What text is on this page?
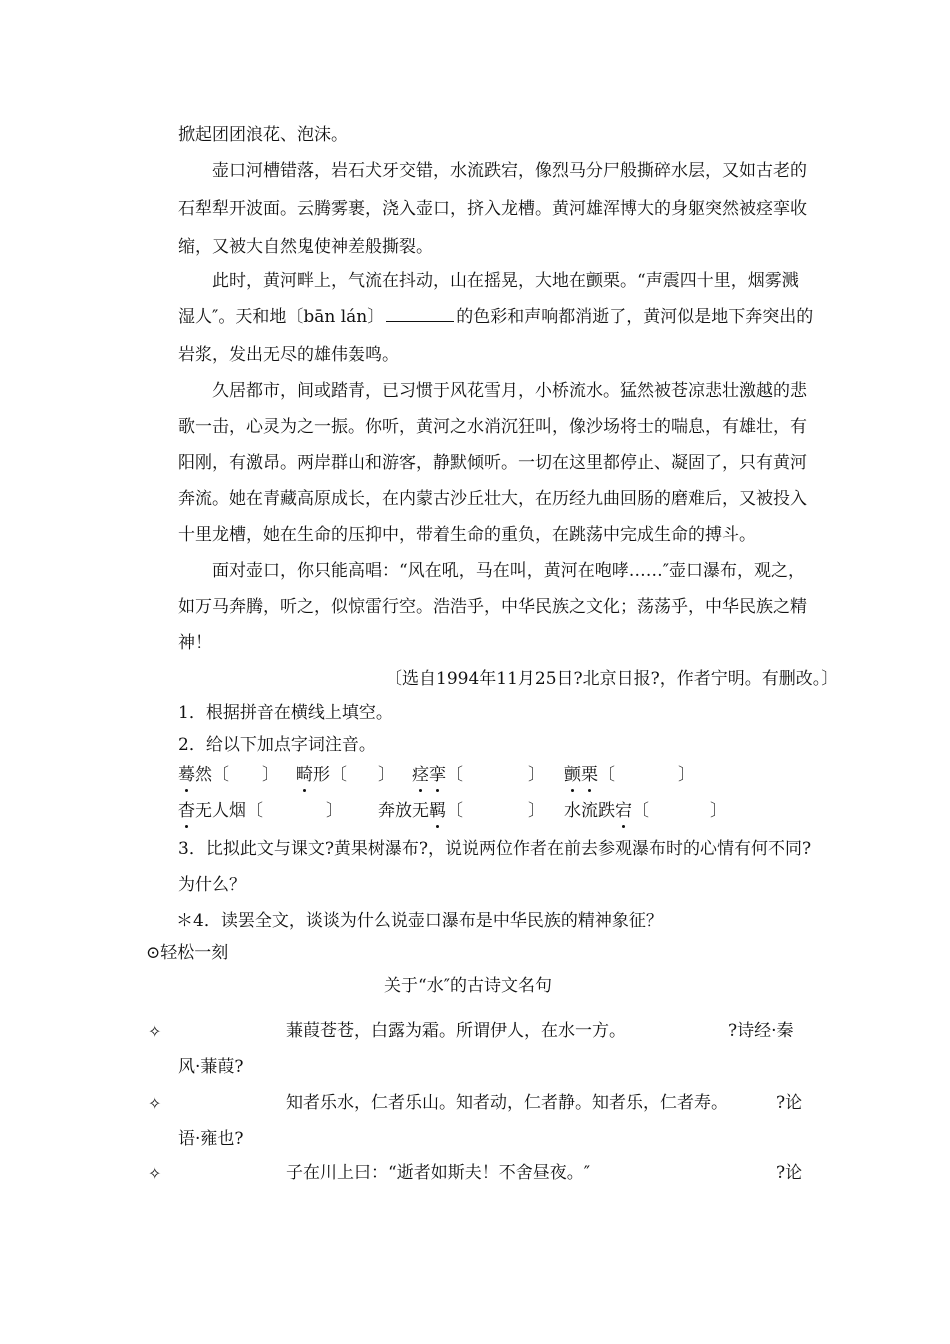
掀起团团浪花、泡沫。
壶口河槽错落，岩石犬牙交错，水流跌宕，像烈马分尸般撕碎水层，又如古老的
石犁犁开波面。云腾雾裹，浇入壶口，挤入龙槽。黄河雄浑博大的身躯突然被痉挛收
缩，又被大自然鬼使神差般撕裂。
此时，黄河畔上，气流在抖动，山在摇晃，大地在颤栗。“声震四十里，烟雾溅
湿人″。天和地〔bān lán〕	的色彩和声响都消逝了，黄河似是地下奔突出的
岩浆，发出无尽的雄伟轰鸣。
久居都市，间或踏青，已习惯于风花雪月，小桥流水。猛然被苍凉悲壮激越的悲
歌一击，心灵为之一振。你听，黄河之水消沉狂叫，像沙场将士的喘息，有雄壮，有
阳刚，有激昂。两岸群山和游客，静默倾听。一切在这里都停止、凝固了，只有黄河
奔流。她在青藏高原成长，在内蒙古沙丘壮大，在历经九曲回肠的磨难后，又被投入
十里龙槽，她在生命的压抑中，带着生命的重负，在跳荡中完成生命的搏斗。
面对壶口，你只能高唱：“风在吼，马在叫，黄河在咆哮……″壶口瀑布，观之，
如万马奔腾，听之，似惊雷行空。浩浩乎，中华民族之文化；荡荡乎，中华民族之精
神！
〔选自1994年11月25日?北京日报?，作者宁明。有删改。〕
1．根据拼音在横线上填空。
2．给以下加点字词注音。
蓦然〔 〕 畸形〔 〕 痉挛〔	〕 颤栗〔	〕
杳无人烟〔	〕 奔放无羁〔	〕 水流跌宕〔	〕
3．比拟此文与课文?黄果树瀑布?，说说两位作者在前去参观瀑布时的心情有何不同?
为什么？
＊4．读罢全文，谈谈为什么说壶口瀑布是中华民族的精神象征？
⊙轻松一刻
关于“水″的古诗文名句
✧	蒹葭苍苍，白露为霜。所谓伊人，在水一方。	?诗经·秦
风·蒹葭?
✧	知者乐水，仁者乐山。知者动，仁者静。知者乐，仁者寿。	?论
语·雍也?
✧	子在川上曰：“逝者如斯夫！不舍昼夜。″	?论
